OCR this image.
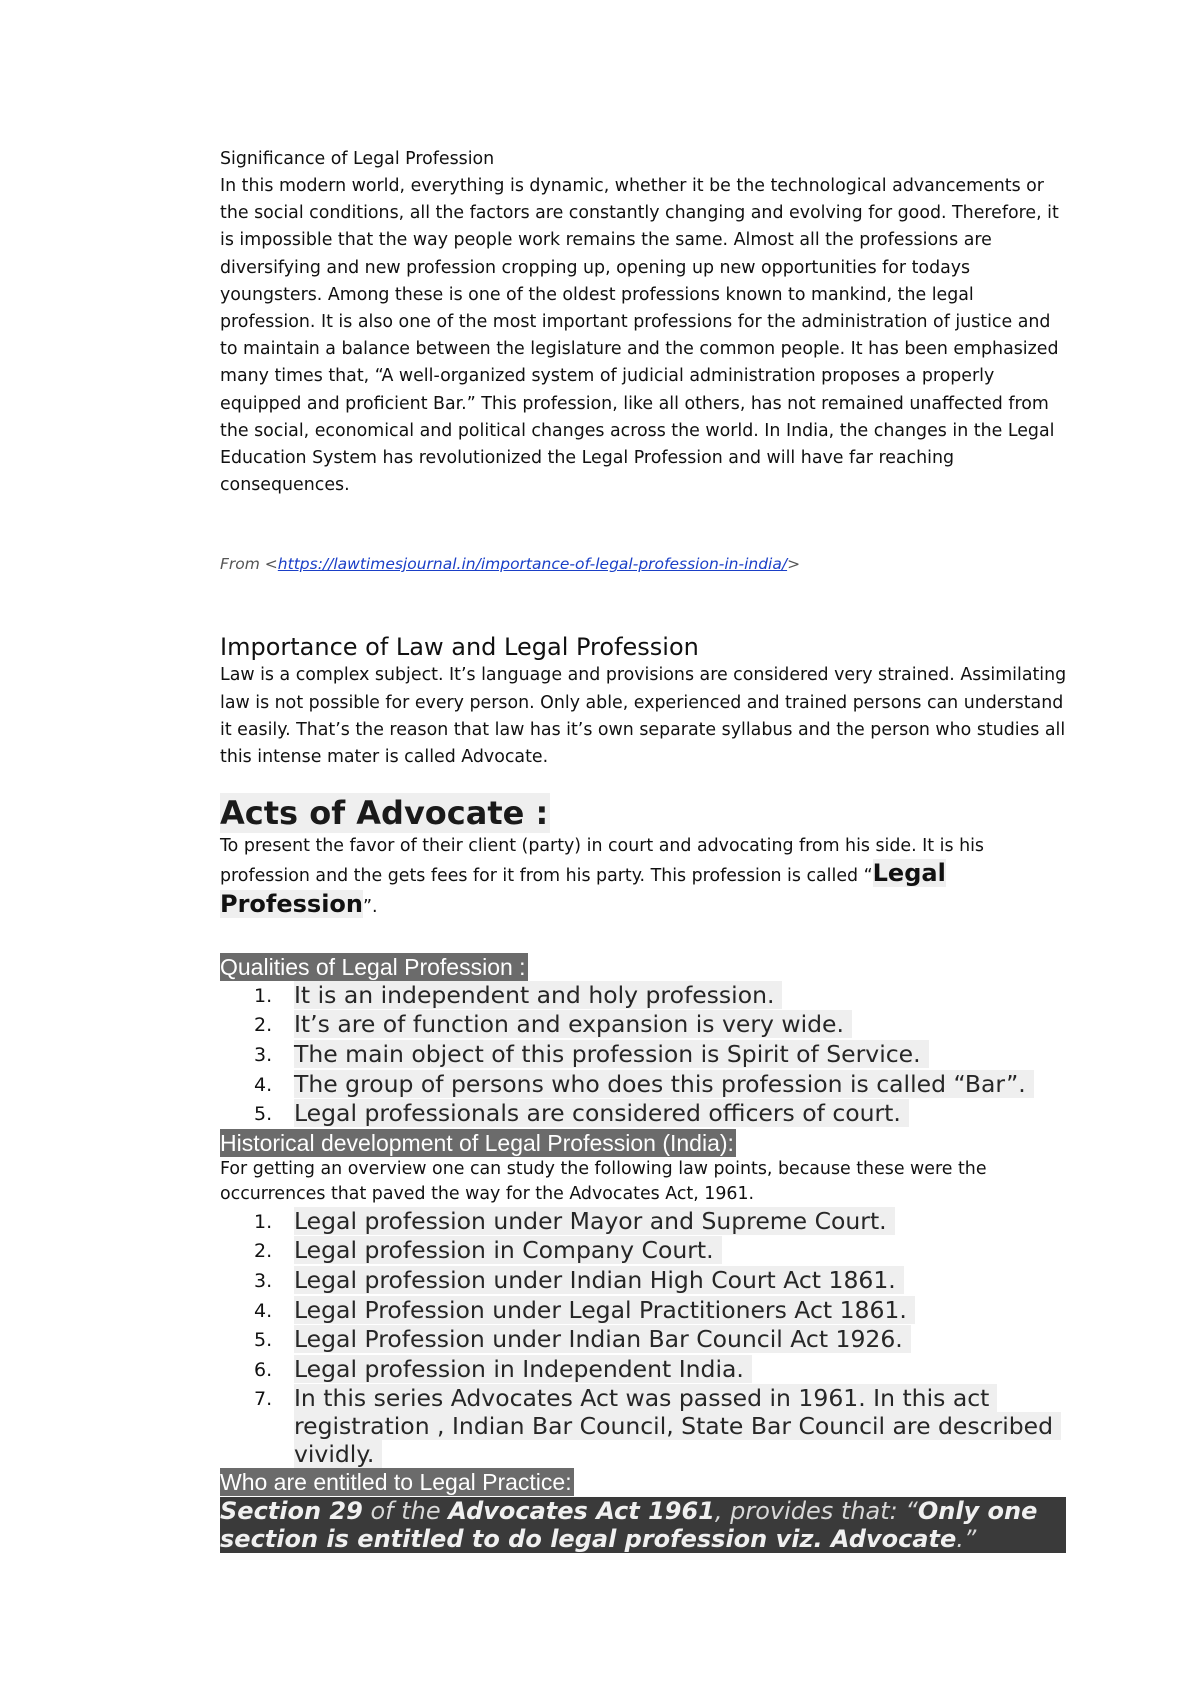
Significance of Legal Profession

In this modern world, everything is dynamic, whether it be the technological advancements or the social conditions, all the factors are constantly changing and evolving for good. Therefore, it is impossible that the way people work remains the same. Almost all the professions are diversifying and new profession cropping up, opening up new opportunities for todays youngsters. Among these is one of the oldest professions known to mankind, the legal profession. It is also one of the most important professions for the administration of justice and to maintain a balance between the legislature and the common people. It has been emphasized many times that, “A well-organized system of judicial administration proposes a properly equipped and proficient Bar.” This profession, like all others, has not remained unaffected from the social, economical and political changes across the world. In India, the changes in the Legal Education System has revolutionized the Legal Profession and will have far reaching consequences.

From <https://lawtimesjournal.in/importance-of-legal-profession-in-india/>

Importance of Law and Legal Profession

Law is a complex subject. It’s language and provisions are considered very strained. Assimilating law is not possible for every person. Only able, experienced and trained persons can understand it easily. That’s the reason that law has it’s own separate syllabus and the person who studies all this intense mater is called Advocate.

Acts of Advocate :

To present the favor of their client (party) in court and advocating from his side. It is his profession and the gets fees for it from his party. This profession is called “Legal Profession”.

Qualities of Legal Profession :
1. It is an independent and holy profession.
2. It’s are of function and expansion is very wide.
3. The main object of this profession is Spirit of Service.
4. The group of persons who does this profession is called “Bar”.
5. Legal professionals are considered officers of court.
Historical development of Legal Profession (India):

For getting an overview one can study the following law points, because these were the occurrences that paved the way for the Advocates Act, 1961.

1. Legal profession under Mayor and Supreme Court.
2. Legal profession in Company Court.
3. Legal profession under Indian High Court Act 1861.
4. Legal Profession under Legal Practitioners Act 1861.
5. Legal Profession under Indian Bar Council Act 1926.
6. Legal profession in Independent India.
7. In this series Advocates Act was passed in 1961. In this act registration , Indian Bar Council, State Bar Council are described vividly.
Who are entitled to Legal Practice:
Section 29 of the Advocates Act 1961, provides that: “Only one section is entitled to do legal profession viz. Advocate.”
